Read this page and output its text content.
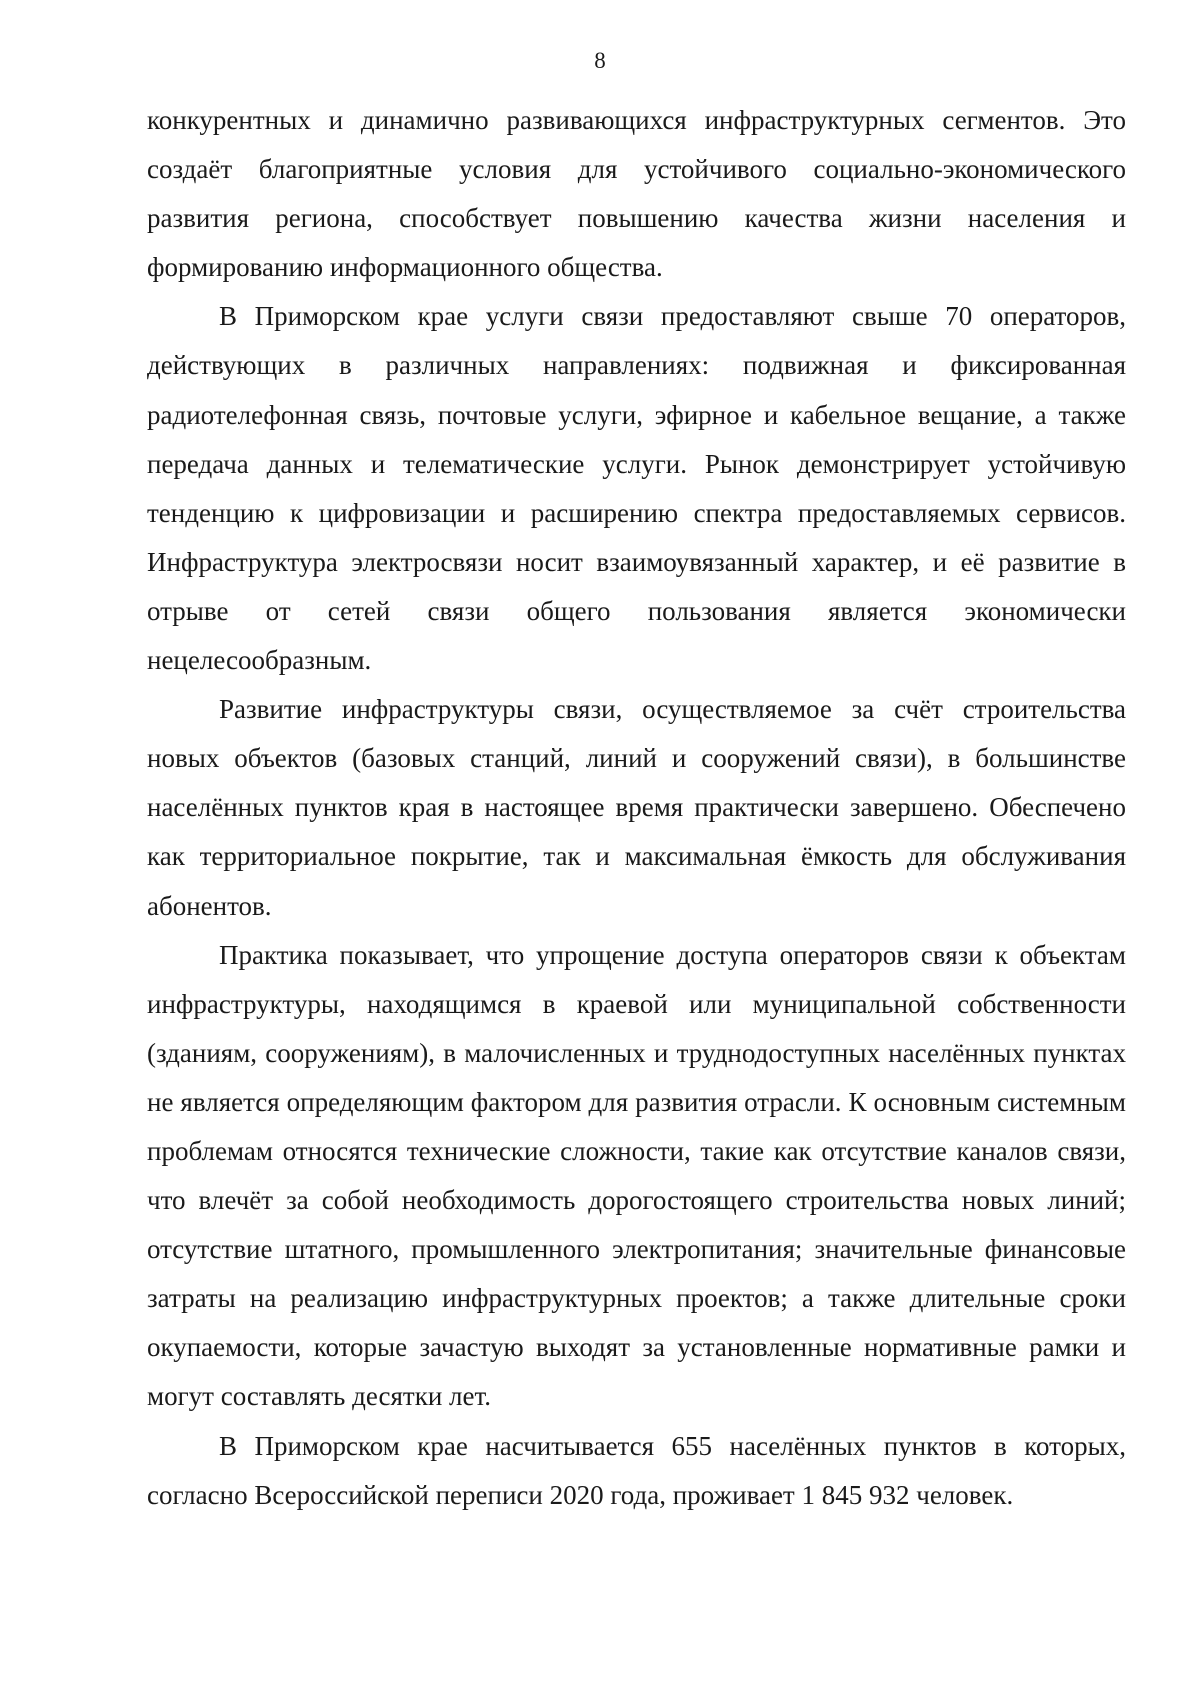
8

конкурентных и динамично развивающихся инфраструктурных сегментов. Это создаёт благоприятные условия для устойчивого социально-экономического развития региона, способствует повышению качества жизни населения и формированию информационного общества.

В Приморском крае услуги связи предоставляют свыше 70 операторов, действующих в различных направлениях: подвижная и фиксированная радиотелефонная связь, почтовые услуги, эфирное и кабельное вещание, а также передача данных и телематические услуги. Рынок демонстрирует устойчивую тенденцию к цифровизации и расширению спектра предоставляемых сервисов. Инфраструктура электросвязи носит взаимоувязанный характер, и её развитие в отрыве от сетей связи общего пользования является экономически нецелесообразным.

Развитие инфраструктуры связи, осуществляемое за счёт строительства новых объектов (базовых станций, линий и сооружений связи), в большинстве населённых пунктов края в настоящее время практически завершено. Обеспечено как территориальное покрытие, так и максимальная ёмкость для обслуживания абонентов.

Практика показывает, что упрощение доступа операторов связи к объектам инфраструктуры, находящимся в краевой или муниципальной собственности (зданиям, сооружениям), в малочисленных и труднодоступных населённых пунктах не является определяющим фактором для развития отрасли. К основным системным проблемам относятся технические сложности, такие как отсутствие каналов связи, что влечёт за собой необходимость дорогостоящего строительства новых линий; отсутствие штатного, промышленного электропитания; значительные финансовые затраты на реализацию инфраструктурных проектов; а также длительные сроки окупаемости, которые зачастую выходят за установленные нормативные рамки и могут составлять десятки лет.

В Приморском крае насчитывается 655 населённых пунктов в которых, согласно Всероссийской переписи 2020 года, проживает 1 845 932 человек.
